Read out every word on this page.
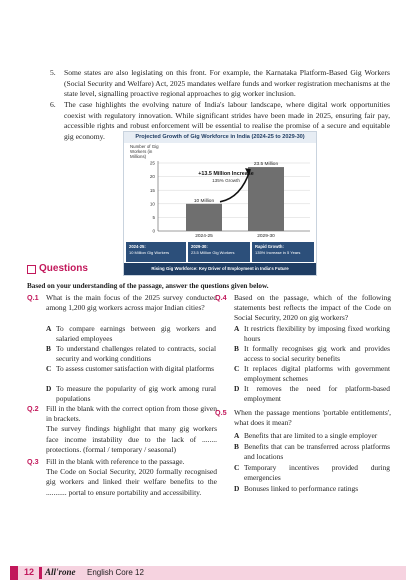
5. Some states are also legislating on this front. For example, the Karnataka Platform-Based Gig Workers (Social Security and Welfare) Act, 2025 mandates welfare funds and worker registration mechanisms at the state level, signalling proactive regional approaches to gig worker inclusion.
6. The case highlights the evolving nature of India's labour landscape, where digital work opportunities coexist with regulatory innovation. While significant strides have been made in 2025, ensuring fair pay, accessible rights and robust enforcement will be essential to realise the promise of a secure and equitable gig economy.	Projected Growth of Gig Workforce in India (2024-25 to 2029-30)
Number of Gig
Workers (in
Millions)
0
5
10
15
20
25
10 Million
2024-25
23.5 Million
2029-30
+13.5 Million Increase
135% Growth
2024-25:
10 Million Gig Workers
2029-30:
23.5 Million Gig Workers
Rapid Growth:
135% Increase in 5 Years
Rising Gig Workforce: Key Driver of Employment in India's Future
Questions
Based on your understanding of the passage, answer the questions given below.
Q.1 What is the main focus of the 2025 survey conducted among 1,200 gig workers across major Indian cities?
A To compare earnings between gig workers and salaried employees
B To understand challenges related to contracts, social security and working conditions
C To assess customer satisfaction with digital platforms
D To measure the popularity of gig work among rural populations
Q.2 Fill in the blank with the correct option from those given in brackets.
The survey findings highlight that many gig workers face income instability due to the lack of ........ protections. (formal / temporary / seasonal)
Q.3 Fill in the blank with reference to the passage.
The Code on Social Security, 2020 formally recognised gig workers and linked their welfare benefits to the ........... portal to ensure portability and accessibility.
Q.4 Based on the passage, which of the following statements best reflects the impact of the Code on Social Security, 2020 on gig workers?
A It restricts flexibility by imposing fixed working hours
B It formally recognises gig work and provides access to social security benefits
C It replaces digital platforms with government employment schemes
D It removes the need for platform-based employment
Q.5 When the passage mentions 'portable entitlements', what does it mean?
A Benefits that are limited to a single employer
B Benefits that can be transferred across platforms and locations
C Temporary incentives provided during emergencies
D Bonuses linked to performance ratings
12 All'rone English Core 12
